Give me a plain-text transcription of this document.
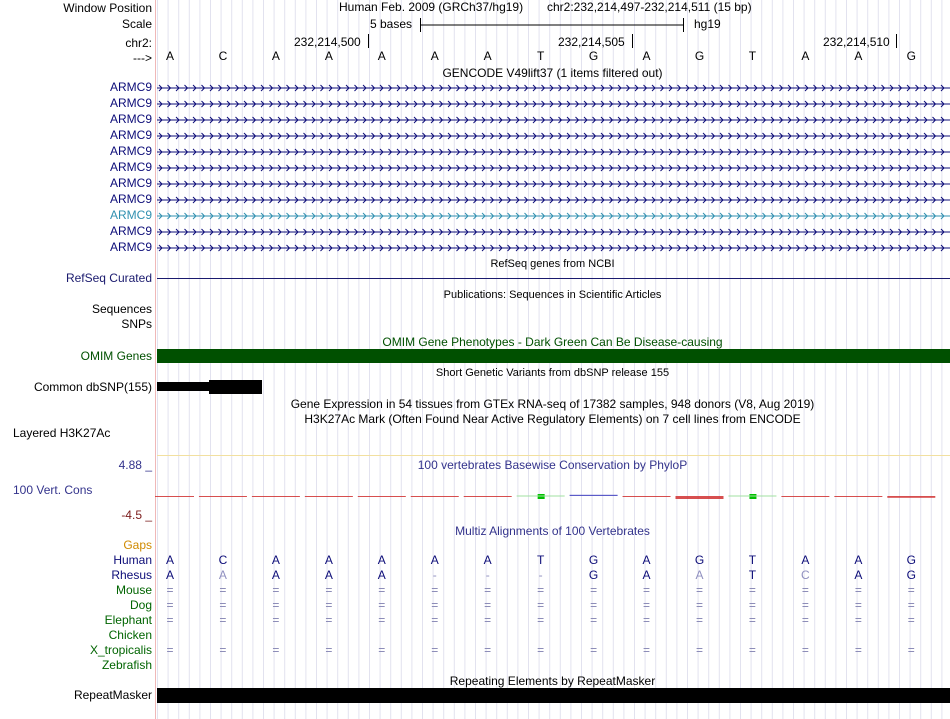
Window Position	Human Feb. 2009 (GRCh37/hg19) chr2:232,214,497-232,214,511 (15 bp)
Scale	5 bases	hg19
chr2:	232,214,500	232,214,505	232,214,510
--->	A	C	A	A	A	A	A	T	G	A	G	T	A	A	G
GENCODE V49lift37 (1 items filtered out)
ARMC9
ARMC9
ARMC9
ARMC9
ARMC9
ARMC9
ARMC9
ARMC9
ARMC9
ARMC9
ARMC9
RefSeq genes from NCBI
RefSeq Curated
Publications: Sequences in Scientific Articles
Sequences
SNPs
OMIM Gene Phenotypes - Dark Green Can Be Disease-causing
OMIM Genes
Short Genetic Variants from dbSNP release 155
Common dbSNP(155)
Gene Expression in 54 tissues from GTEx RNA-seq of 17382 samples, 948 donors (V8, Aug 2019)
H3K27Ac Mark (Often Found Near Active Regulatory Elements) on 7 cell lines from ENCODE
Layered H3K27Ac
100 vertebrates Basewise Conservation by PhyloP
4.88 _
100 Vert. Cons
-4.5 _
Multiz Alignments of 100 Vertebrates
Gaps
Human	A	C	A	A	A	A	A	T	G	A	G	T	A	A	G
Rhesus	A	A	A	A	A	-	-	-	G	A	A	T	C	A	G
Mouse	=	=	=	=	=	=	=	=	=	=	=	=	=	=	=
Dog	=	=	=	=	=	=	=	=	=	=	=	=	=	=	=
Elephant	=	=	=	=	=	=	=	=	=	=	=	=	=	=	=
Chicken
X_tropicalis	=	=	=	=	=	=	=	=	=	=	=	=	=	=	=
Zebrafish
Repeating Elements by RepeatMasker
RepeatMasker
